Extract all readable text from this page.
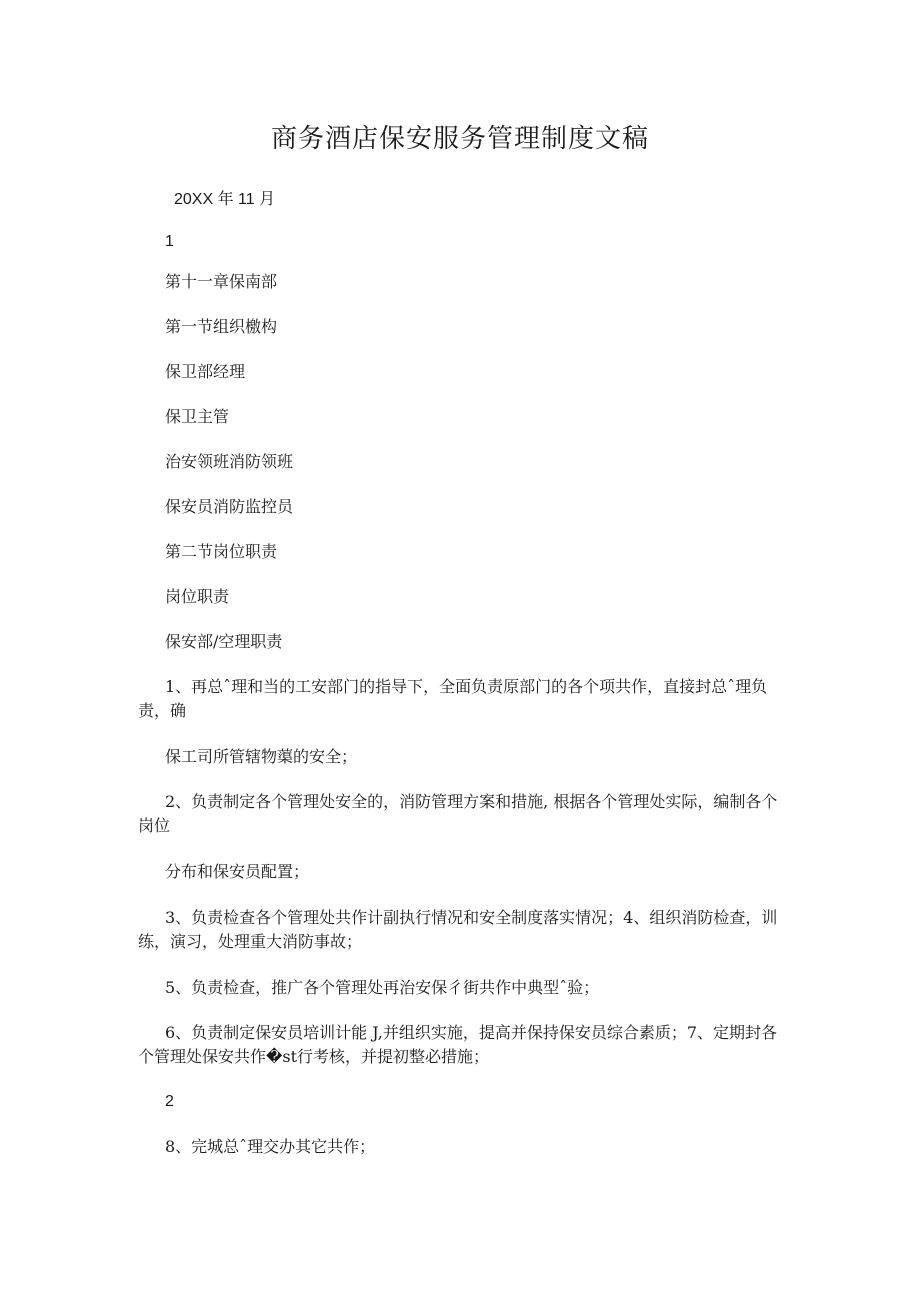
商务酒店保安服务管理制度文稿
20XX 年 11 月
1
第十一章保南部
第一节组织檄构
保卫部经理
保卫主管
治安领班消防领班
保安员消防监控员
第二节岗位职责
岗位职责
保安部/空理职责

1、再总ˆ理和当的工安部门的指导下，全面负责原部门的各个项共作，直接封总ˆ理负责，确

保工司所管辖物蕖的安全；

2、负责制定各个管理处安全的，消防管理方案和措施, 根据各个管理处实际，编制各个岗位

分布和保安员配置；

3、负责检查各个管理处共作计副执行情况和安全制度落实情况；4、组织消防检查，训练，演习，处理重大消防事故；

5、负责检查，推广各个管理处再治安保彳街共作中典型ˆ验；

6、负责制定保安员培训计能 J,并组织实施，提高并保持保安员综合素质；7、定期封各个管理处保安共作�st行考核，并提初整必措施；

2

8、完城总ˆ理交办其它共作；
